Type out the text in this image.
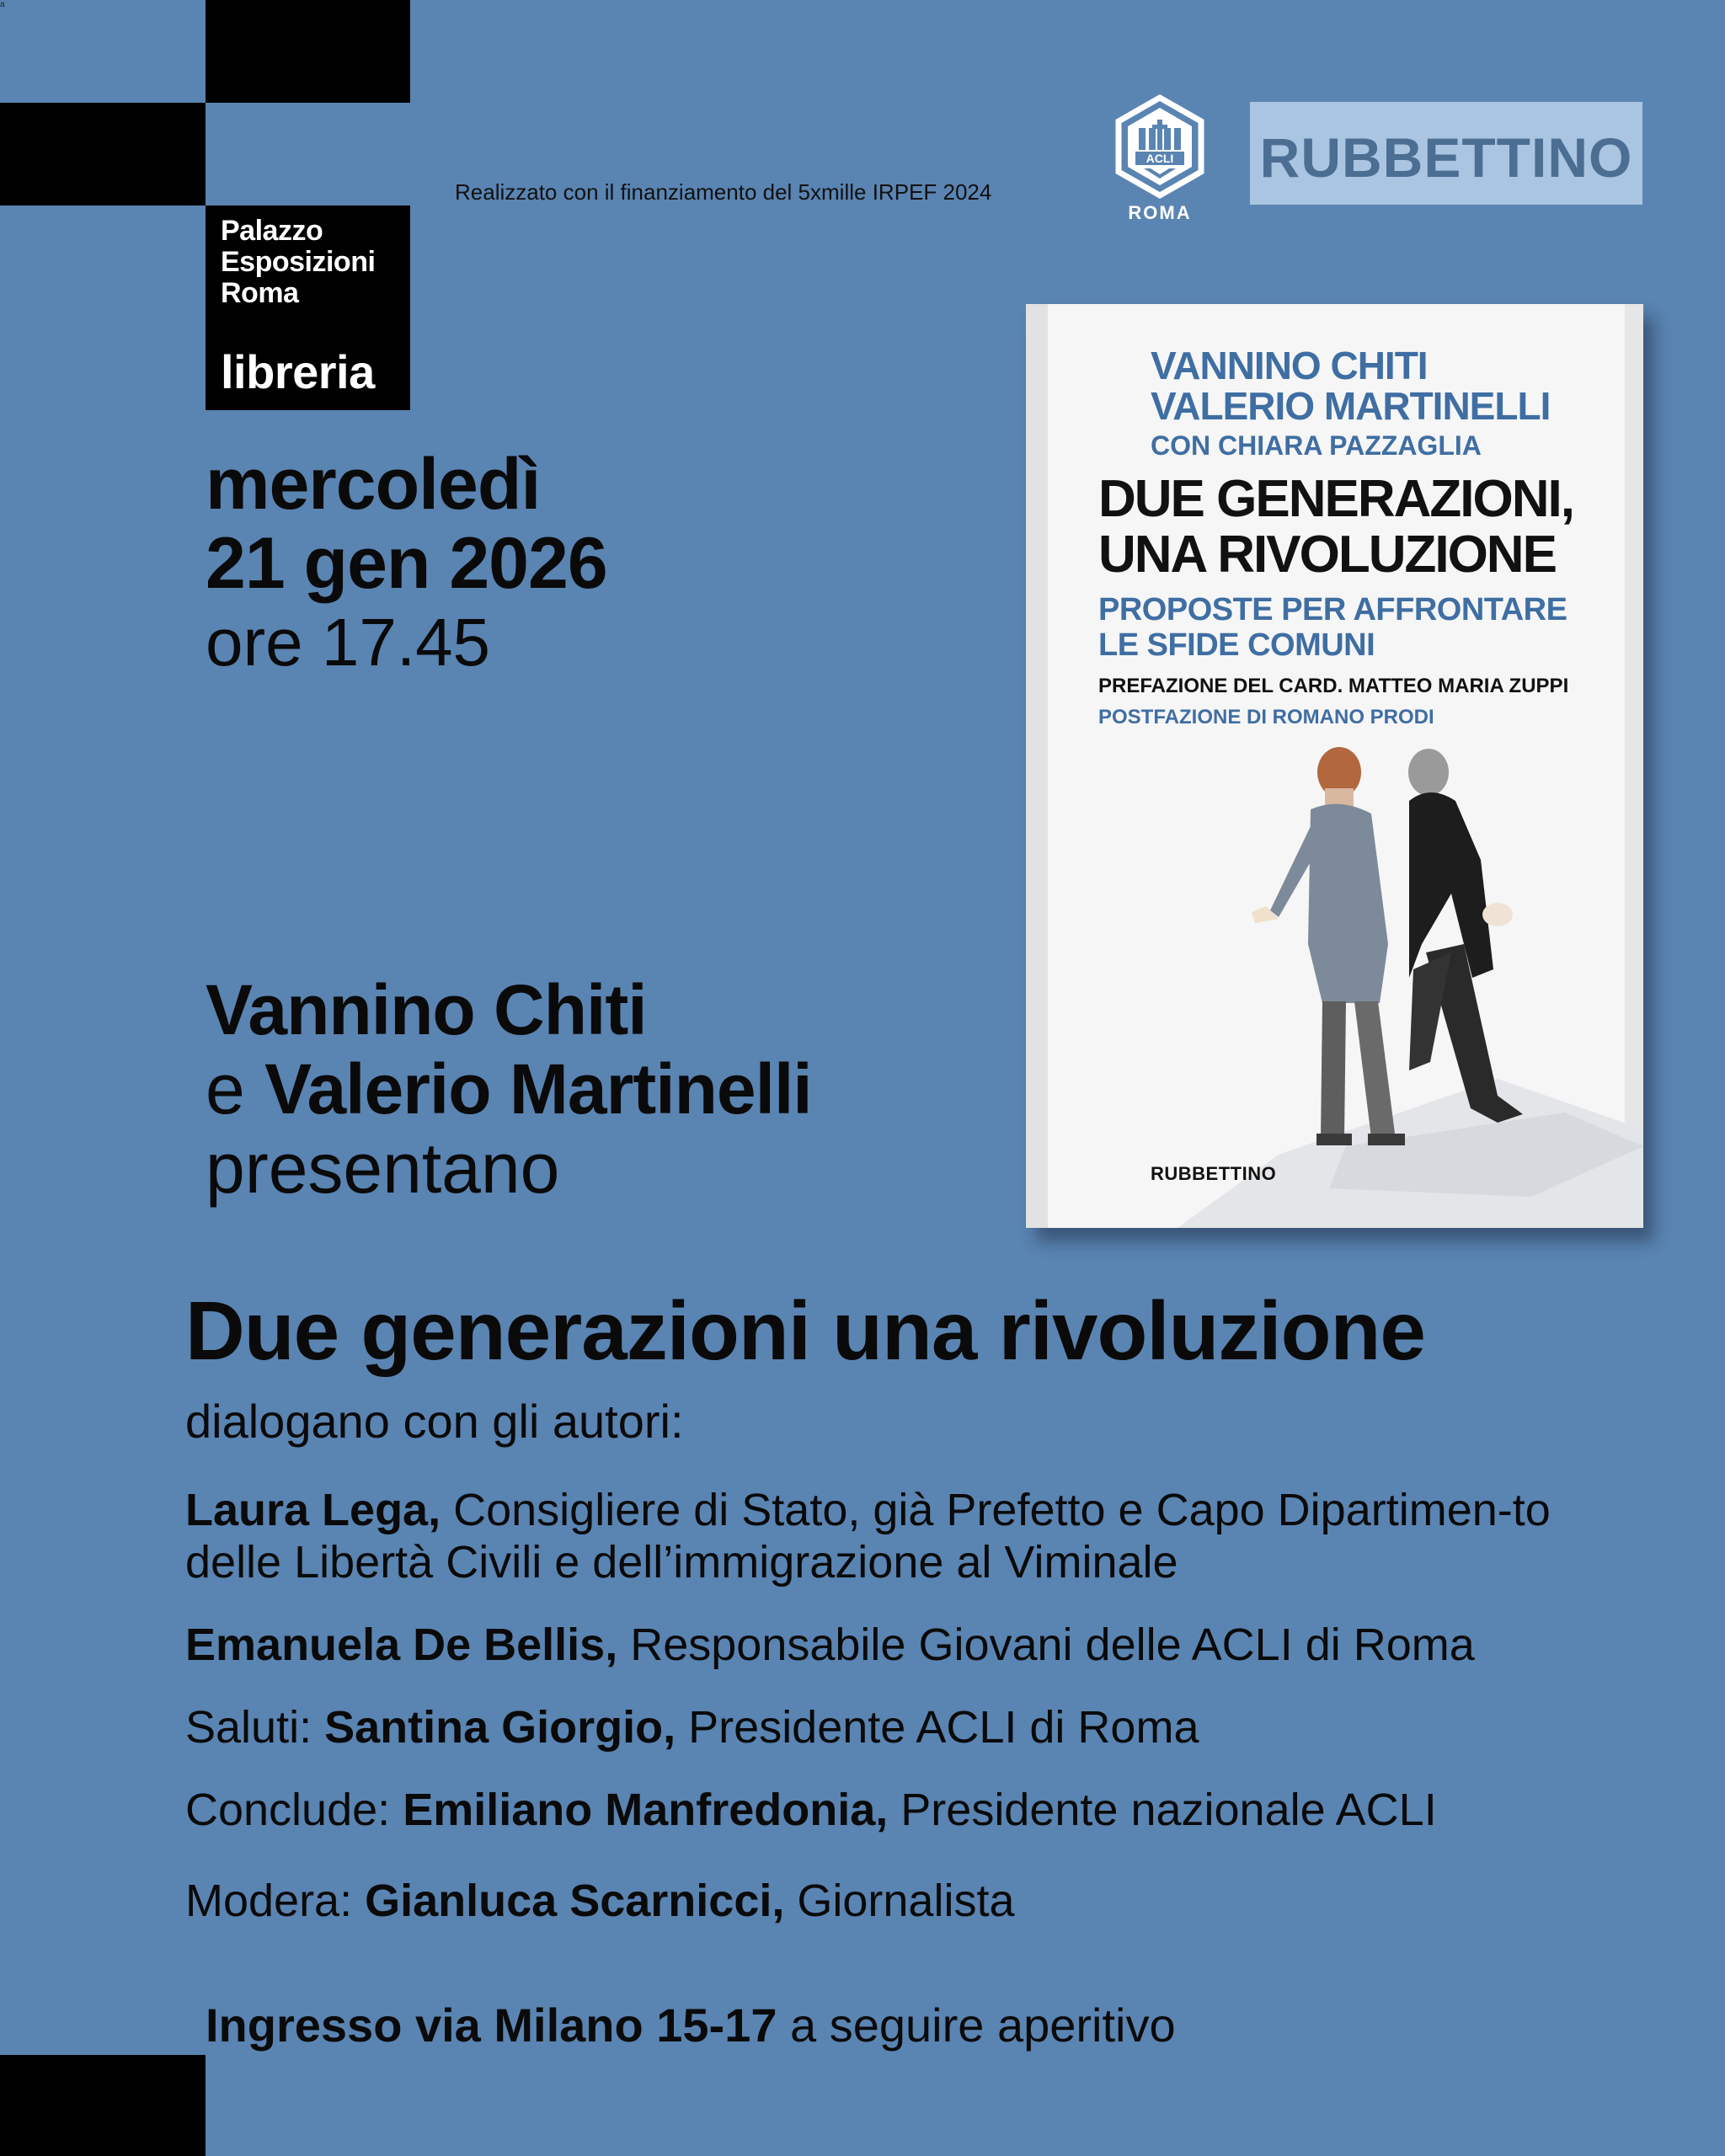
a
Palazzo
Esposizioni
Roma
libreria
Realizzato con il finanziamento del 5xmille IRPEF 2024
ACLI
ROMA
RUBBETTINO
mercoledì
21 gen 2026
ore 17.45
Vannino Chiti
e Valerio Martinelli
presentano
VANNINO CHITI
VALERIO MARTINELLI
CON CHIARA PAZZAGLIA
DUE GENERAZIONI,
UNA RIVOLUZIONE
PROPOSTE PER AFFRONTARE
LE SFIDE COMUNI
PREFAZIONE DEL CARD. MATTEO MARIA ZUPPI
POSTFAZIONE DI ROMANO PRODI
RUBBETTINO
Due generazioni una rivoluzione
dialogano con gli autori:
Laura Lega, Consigliere di Stato, già Prefetto e Capo Dipartimen-to delle Libertà Civili e dell’immigrazione al Viminale
Emanuela De Bellis, Responsabile Giovani delle ACLI di Roma
Saluti: Santina Giorgio, Presidente ACLI di Roma
Conclude: Emiliano Manfredonia, Presidente nazionale ACLI
Modera: Gianluca Scarnicci, Giornalista
Ingresso via Milano 15-17 a seguire aperitivo
